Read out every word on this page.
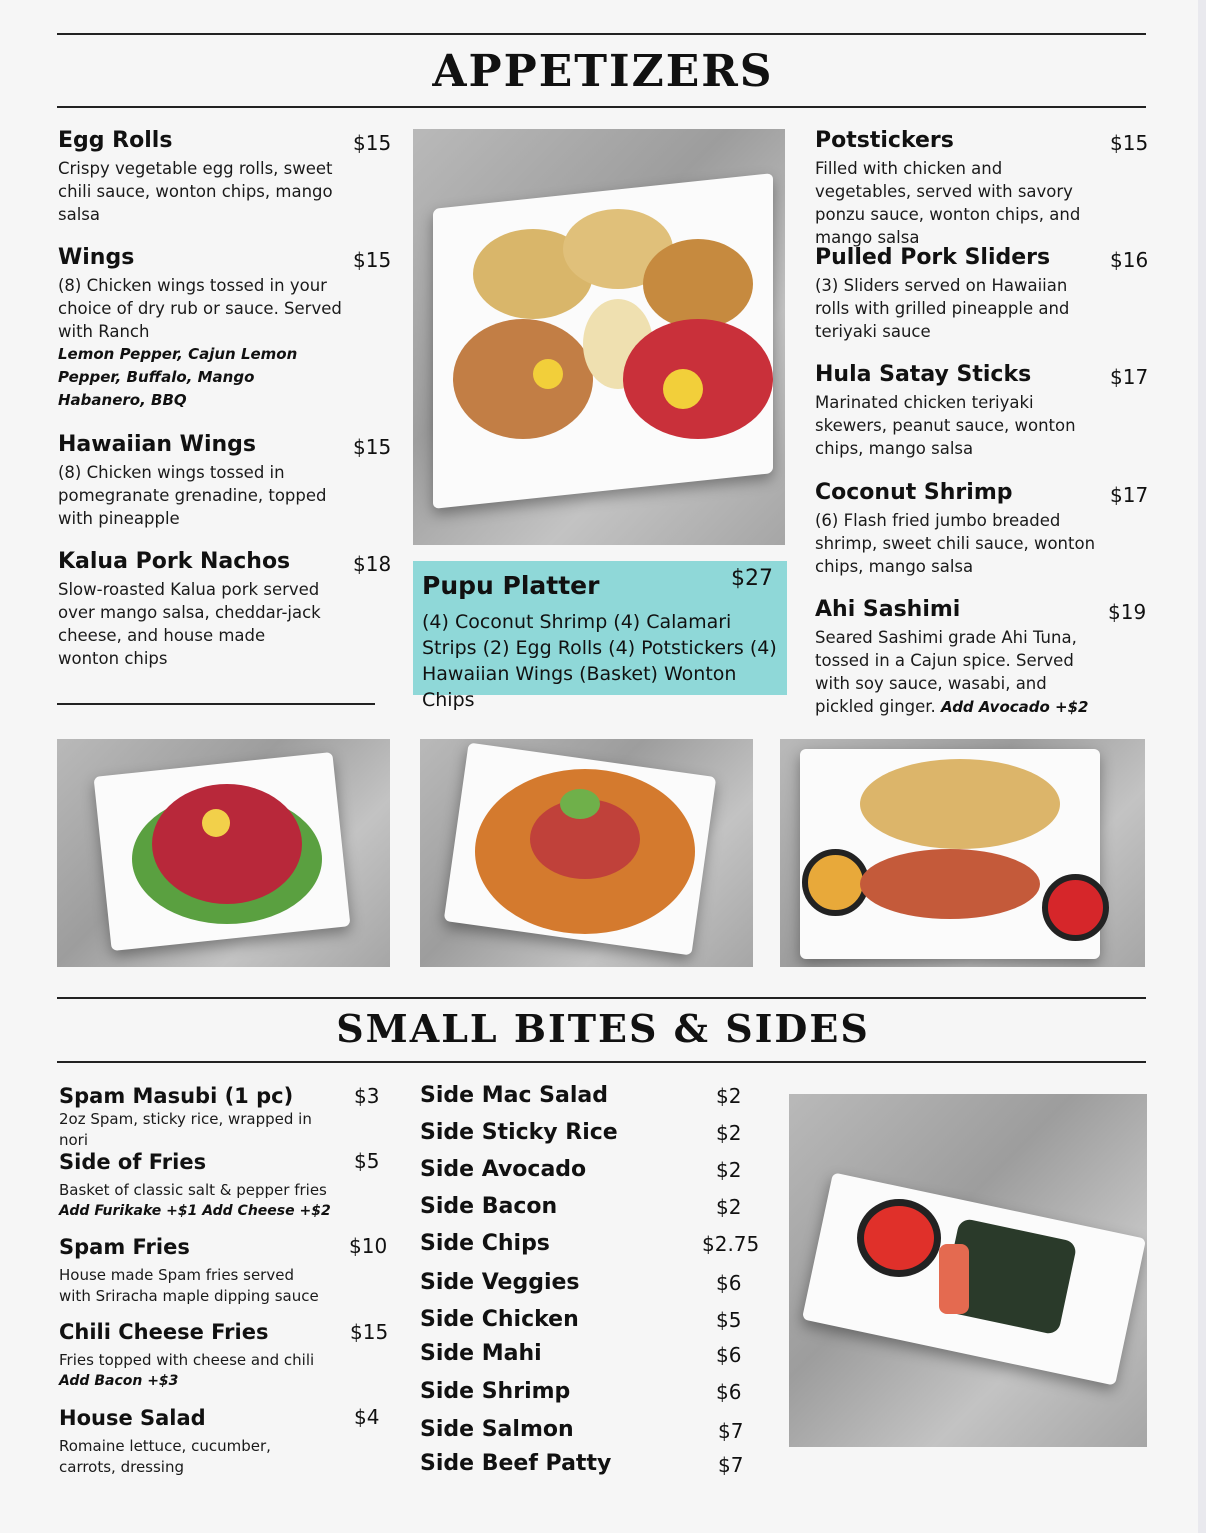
APPETIZERS
Egg Rolls
Crispy vegetable egg rolls, sweet chili sauce, wonton chips, mango salsa
$15
Wings
(8) Chicken wings tossed in your choice of dry rub or sauce. Served with Ranch
Lemon Pepper, Cajun Lemon Pepper, Buffalo, Mango Habanero, BBQ
$15
Hawaiian Wings
(8) Chicken wings tossed in pomegranate grenadine, topped with pineapple
$15
Kalua Pork Nachos
Slow-roasted Kalua pork served over mango salsa, cheddar-jack cheese, and house made wonton chips
$18
Pupu Platter	$27
(4) Coconut Shrimp (4) Calamari Strips (2) Egg Rolls (4) Potstickers (4) Hawaiian Wings (Basket) Wonton Chips
Potstickers
Filled with chicken and vegetables, served with savory ponzu sauce, wonton chips, and mango salsa
$15
Pulled Pork Sliders
(3) Sliders served on Hawaiian rolls with grilled pineapple and teriyaki sauce
$16
Hula Satay Sticks
Marinated chicken teriyaki skewers, peanut sauce, wonton chips, mango salsa
$17
Coconut Shrimp
(6) Flash fried jumbo breaded shrimp, sweet chili sauce, wonton chips, mango salsa
$17
Ahi Sashimi
Seared Sashimi grade Ahi Tuna, tossed in a Cajun spice. Served with soy sauce, wasabi, and pickled ginger. Add Avocado +$2
$19
SMALL BITES & SIDES
Spam Masubi (1 pc)
2oz Spam, sticky rice, wrapped in nori
$3
Side of Fries
Basket of classic salt & pepper fries
Add Furikake +$1 Add Cheese +$2
$5
Spam Fries
House made Spam fries served with Sriracha maple dipping sauce
$10
Chili Cheese Fries
Fries topped with cheese and chili
Add Bacon +$3
$15
House Salad
Romaine lettuce, cucumber, carrots, dressing
$4
Side Mac Salad	$2
Side Sticky Rice	$2
Side Avocado	$2
Side Bacon	$2
Side Chips	$2.75
Side Veggies	$6
Side Chicken	$5
Side Mahi	$6
Side Shrimp	$6
Side Salmon	$7
Side Beef Patty	$7
